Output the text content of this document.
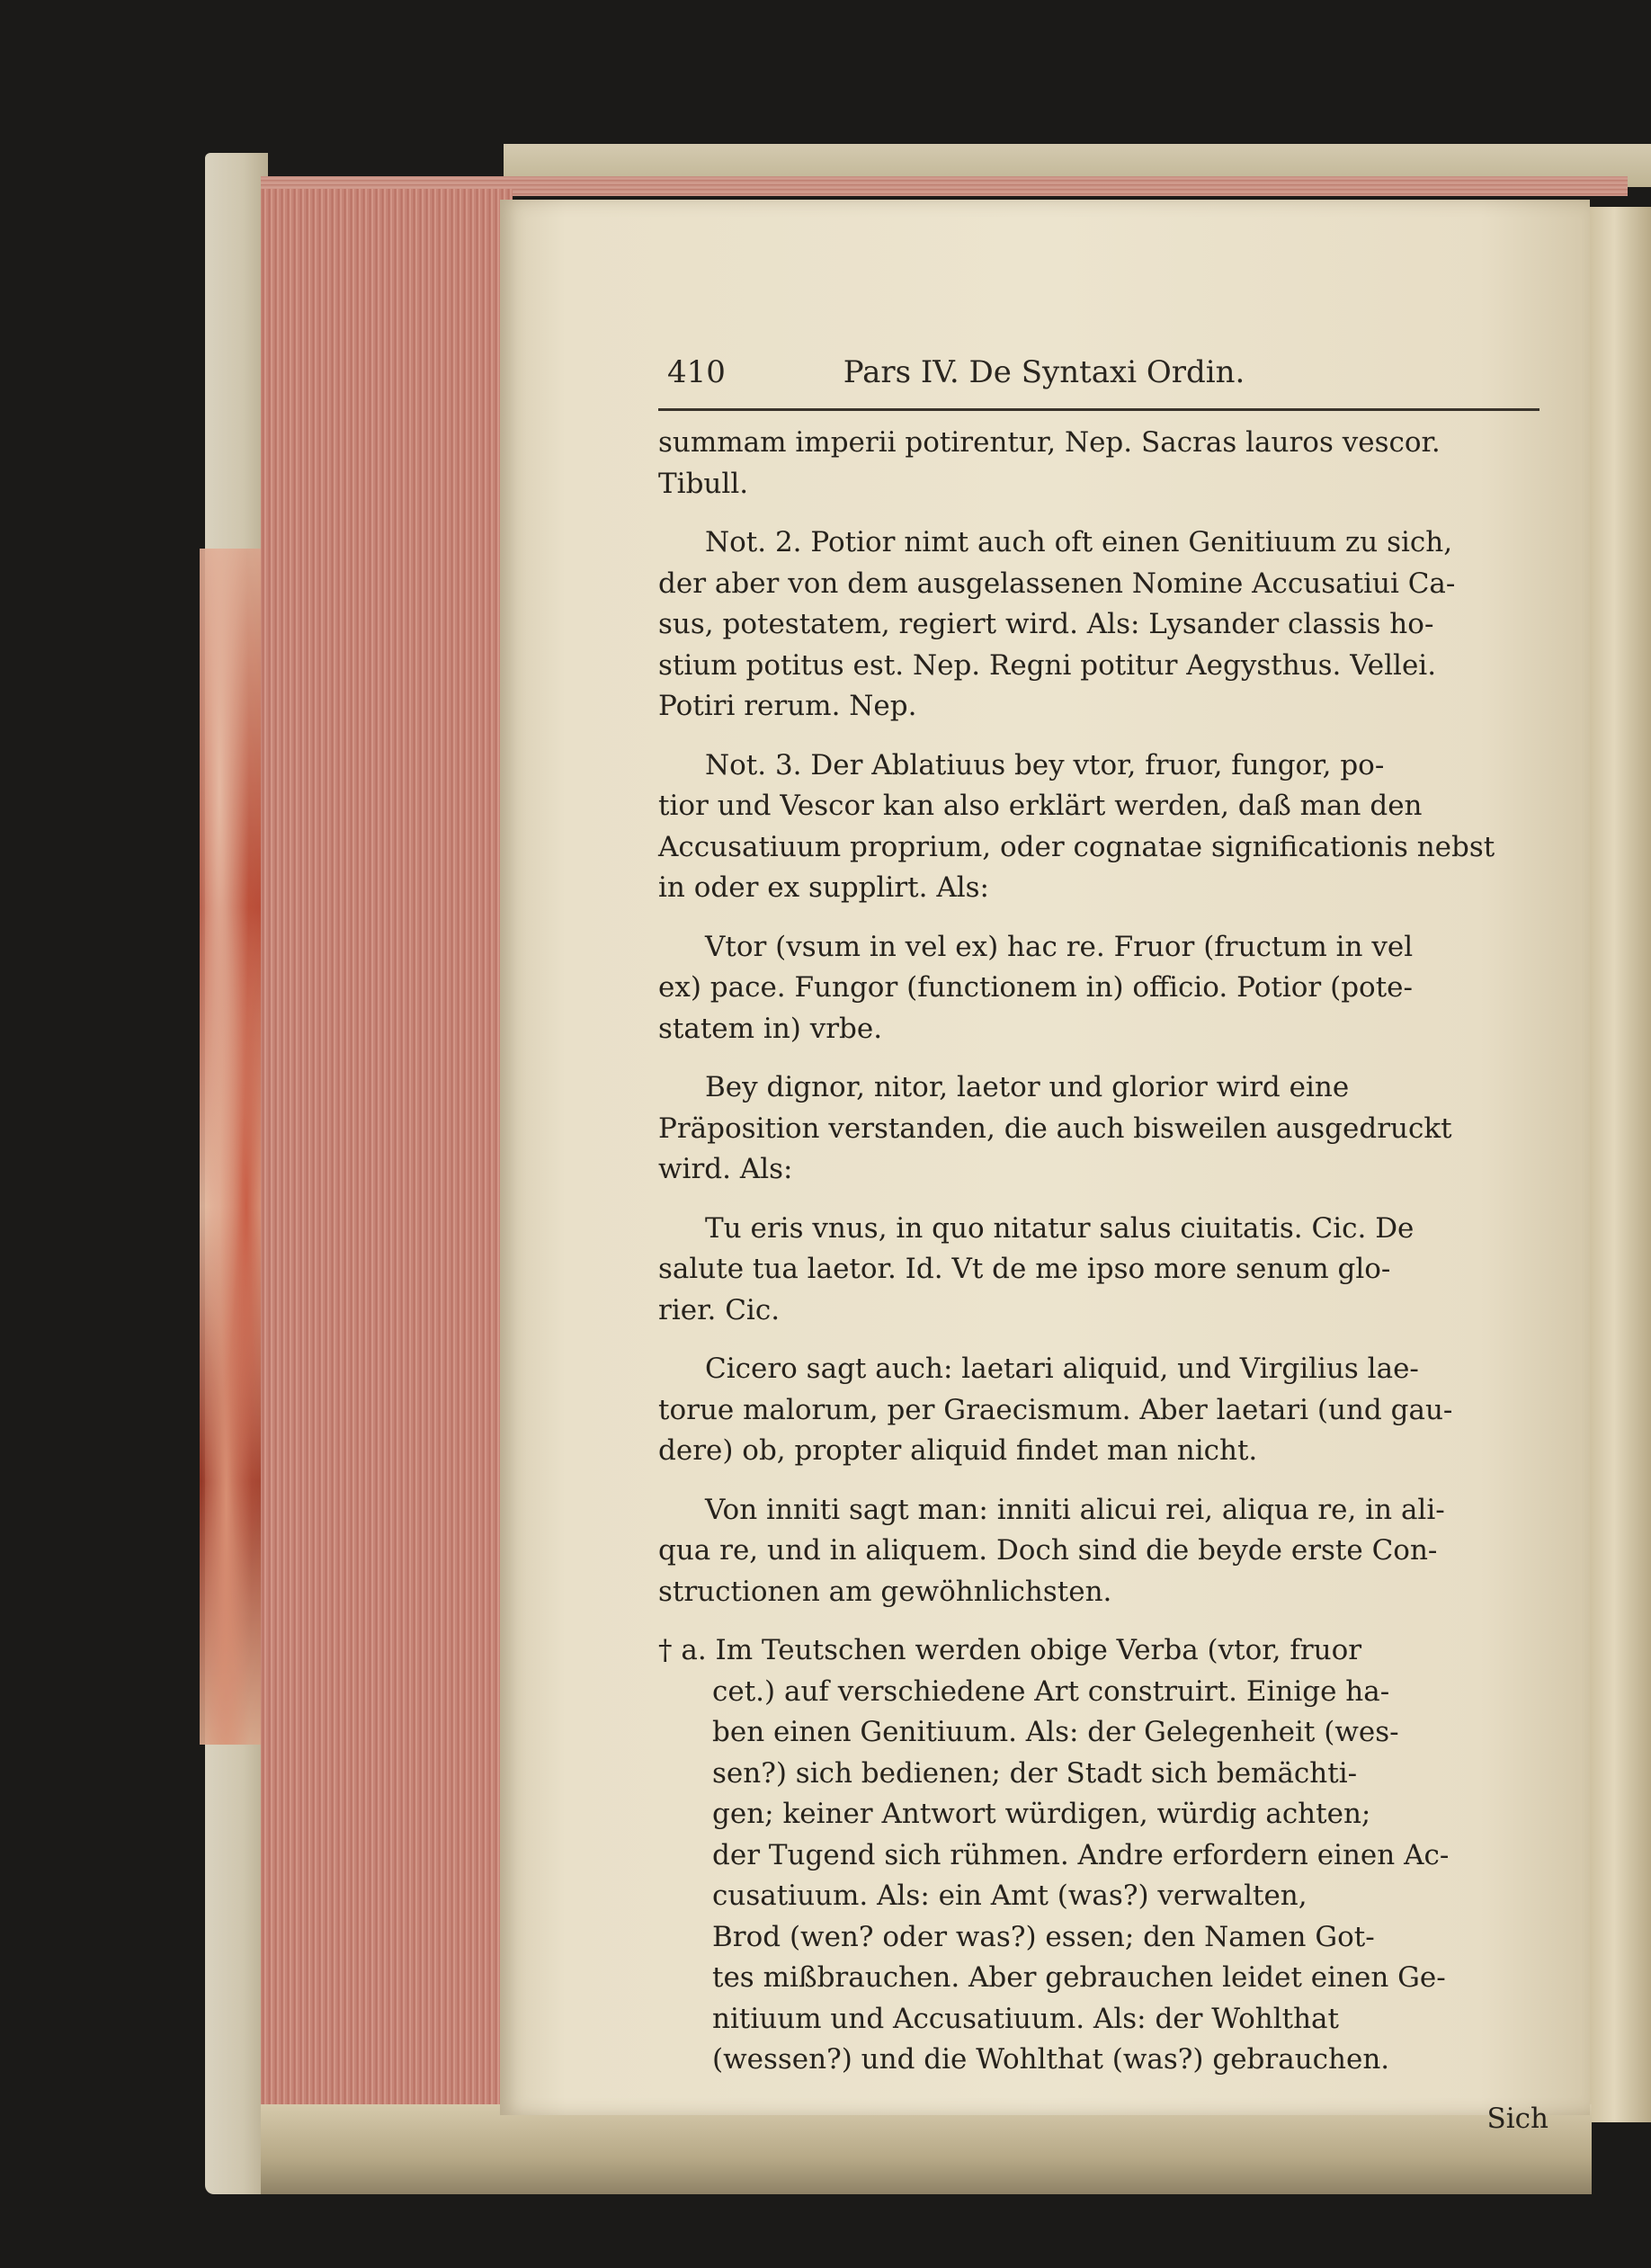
410	Pars IV. De Syntaxi Ordin.
summam imperii potirentur, Nep. Sacras lauros vescor.
Tibull.
Not. 2. Potior nimt auch oft einen Genitiuum zu sich,
der aber von dem ausgelassenen Nomine Accusatiui Ca-
sus, potestatem, regiert wird. Als: Lysander classis ho-
stium potitus est. Nep. Regni potitur Aegysthus. Vellei.
Potiri rerum. Nep.
Not. 3. Der Ablatiuus bey vtor, fruor, fungor, po-
tior und Vescor kan also erklärt werden, daß man den
Accusatiuum proprium, oder cognatae significationis nebst
in oder ex supplirt. Als:
Vtor (vsum in vel ex) hac re. Fruor (fructum in vel
ex) pace. Fungor (functionem in) officio. Potior (pote-
statem in) vrbe.
Bey dignor, nitor, laetor und glorior wird eine
Präposition verstanden, die auch bisweilen ausgedruckt
wird. Als:
Tu eris vnus, in quo nitatur salus ciuitatis. Cic. De
salute tua laetor. Id. Vt de me ipso more senum glo-
rier. Cic.
Cicero sagt auch: laetari aliquid, und Virgilius lae-
torue malorum, per Graecismum. Aber laetari (und gau-
dere) ob, propter aliquid findet man nicht.
Von inniti sagt man: inniti alicui rei, aliqua re, in ali-
qua re, und in aliquem. Doch sind die beyde erste Con-
structionen am gewöhnlichsten.
† a. Im Teutschen werden obige Verba (vtor, fruor
cet.) auf verschiedene Art construirt. Einige ha-
ben einen Genitiuum. Als: der Gelegenheit (wes-
sen?) sich bedienen; der Stadt sich bemächti-
gen; keiner Antwort würdigen, würdig achten;
der Tugend sich rühmen. Andre erfordern einen Ac-
cusatiuum. Als: ein Amt (was?) verwalten,
Brod (wen? oder was?) essen; den Namen Got-
tes mißbrauchen. Aber gebrauchen leidet einen Ge-
nitiuum und Accusatiuum. Als: der Wohlthat
(wessen?) und die Wohlthat (was?) gebrauchen.
Sich
